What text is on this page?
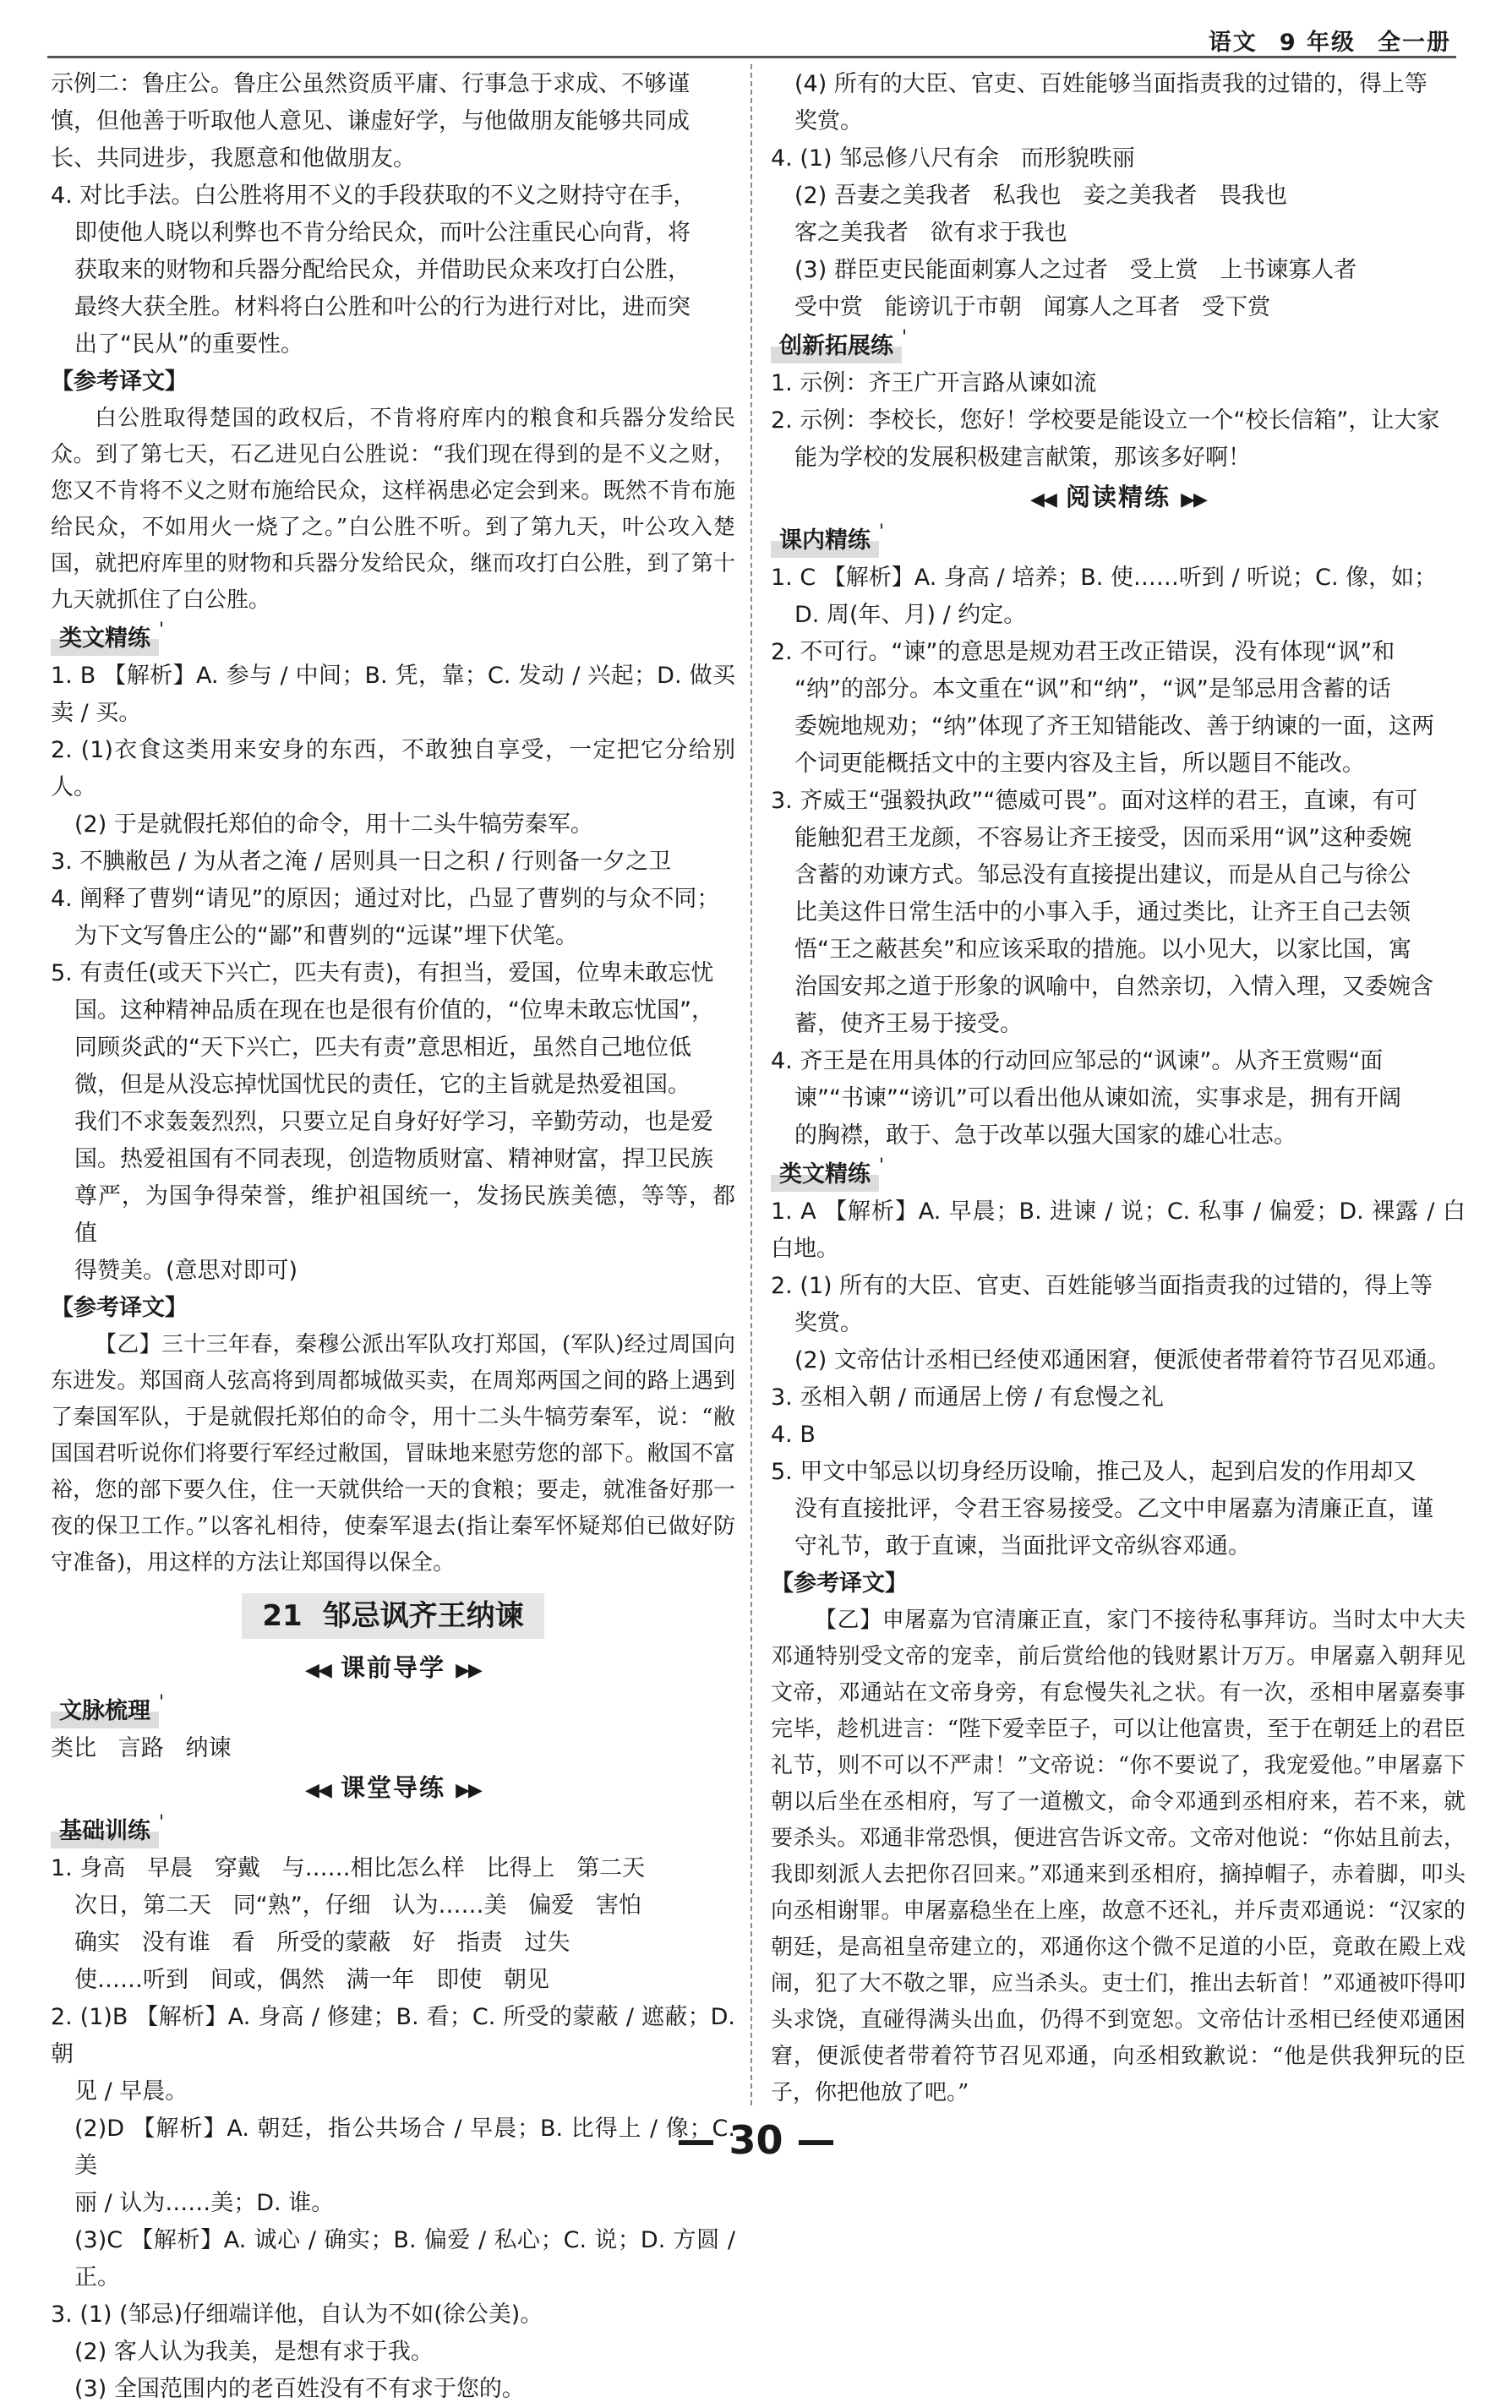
语文 9 年级 全一册

示例二：鲁庄公。鲁庄公虽然资质平庸、行事急于求成、不够谨

慎，但他善于听取他人意见、谦虚好学，与他做朋友能够共同成

长、共同进步，我愿意和他做朋友。

4. 对比手法。白公胜将用不义的手段获取的不义之财持守在手，

即使他人晓以利弊也不肯分给民众，而叶公注重民心向背，将

获取来的财物和兵器分配给民众，并借助民众来攻打白公胜，

最终大获全胜。材料将白公胜和叶公的行为进行对比，进而突

出了“民从”的重要性。

【参考译文】

白公胜取得楚国的政权后，不肯将府库内的粮食和兵器分发给民众。到了第七天，石乙进见白公胜说：“我们现在得到的是不义之财，您又不肯将不义之财布施给民众，这样祸患必定会到来。既然不肯布施给民众，不如用火一烧了之。”白公胜不听。到了第九天，叶公攻入楚国，就把府库里的财物和兵器分发给民众，继而攻打白公胜，到了第十九天就抓住了白公胜。

类文精练 '

1. B 【解析】A. 参与 / 中间；B. 凭，靠；C. 发动 / 兴起；D. 做买卖 / 买。

2. (1)衣食这类用来安身的东西，不敢独自享受，一定把它分给别人。

(2) 于是就假托郑伯的命令，用十二头牛犒劳秦军。

3. 不腆敝邑 / 为从者之淹 / 居则具一日之积 / 行则备一夕之卫

4. 阐释了曹刿“请见”的原因；通过对比，凸显了曹刿的与众不同；

为下文写鲁庄公的“鄙”和曹刿的“远谋”埋下伏笔。

5. 有责任(或天下兴亡，匹夫有责)，有担当，爱国，位卑未敢忘忧

国。这种精神品质在现在也是很有价值的，“位卑未敢忘忧国”，

同顾炎武的“天下兴亡，匹夫有责”意思相近，虽然自己地位低

微，但是从没忘掉忧国忧民的责任，它的主旨就是热爱祖国。

我们不求轰轰烈烈，只要立足自身好好学习，辛勤劳动，也是爱

国。热爱祖国有不同表现，创造物质财富、精神财富，捍卫民族

尊严，为国争得荣誉，维护祖国统一，发扬民族美德，等等，都值

得赞美。(意思对即可)

【参考译文】

【乙】三十三年春，秦穆公派出军队攻打郑国，(军队)经过周国向东进发。郑国商人弦高将到周都城做买卖，在周郑两国之间的路上遇到了秦国军队，于是就假托郑伯的命令，用十二头牛犒劳秦军，说：“敝国国君听说你们将要行军经过敝国，冒昧地来慰劳您的部下。敝国不富裕，您的部下要久住，住一天就供给一天的食粮；要走，就准备好那一夜的保卫工作。”以客礼相待，使秦军退去(指让秦军怀疑郑伯已做好防守准备)，用这样的方法让郑国得以保全。

21 邹忌讽齐王纳谏
◀◀ 课前导学 ▶▶
文脉梳理 '

类比   言路   纳谏

◀◀ 课堂导练 ▶▶
基础训练 '

1. 身高   早晨   穿戴   与……相比怎么样   比得上   第二天

次日，第二天   同“熟”，仔细   认为……美   偏爱   害怕

确实   没有谁   看   所受的蒙蔽   好   指责   过失

使……听到   间或，偶然   满一年   即使   朝见

2. (1)B 【解析】A. 身高 / 修建；B. 看；C. 所受的蒙蔽 / 遮蔽；D. 朝

见 / 早晨。

(2)D 【解析】A. 朝廷，指公共场合 / 早晨；B. 比得上 / 像；C. 美

丽 / 认为……美；D. 谁。

(3)C 【解析】A. 诚心 / 确实；B. 偏爱 / 私心；C. 说；D. 方圆 / 正。

3. (1) (邹忌)仔细端详他，自认为不如(徐公美)。

(2) 客人认为我美，是想有求于我。

(3) 全国范围内的老百姓没有不有求于您的。

(4) 所有的大臣、官吏、百姓能够当面指责我的过错的，得上等

奖赏。

4. (1) 邹忌修八尺有余   而形貌昳丽

(2) 吾妻之美我者   私我也   妾之美我者   畏我也

客之美我者   欲有求于我也

(3) 群臣吏民能面刺寡人之过者   受上赏   上书谏寡人者

受中赏   能谤讥于市朝   闻寡人之耳者   受下赏

创新拓展练 '

1. 示例：齐王广开言路从谏如流

2. 示例：李校长，您好！学校要是能设立一个“校长信箱”，让大家

能为学校的发展积极建言献策，那该多好啊！

◀◀ 阅读精练 ▶▶
课内精练 '

1. C 【解析】A. 身高 / 培养；B. 使……听到 / 听说；C. 像，如；

D. 周(年、月) / 约定。

2. 不可行。“谏”的意思是规劝君王改正错误，没有体现“讽”和

“纳”的部分。本文重在“讽”和“纳”，“讽”是邹忌用含蓄的话

委婉地规劝；“纳”体现了齐王知错能改、善于纳谏的一面，这两

个词更能概括文中的主要内容及主旨，所以题目不能改。

3. 齐威王“强毅执政”“德威可畏”。面对这样的君王，直谏，有可

能触犯君王龙颜，不容易让齐王接受，因而采用“讽”这种委婉

含蓄的劝谏方式。邹忌没有直接提出建议，而是从自己与徐公

比美这件日常生活中的小事入手，通过类比，让齐王自己去领

悟“王之蔽甚矣”和应该采取的措施。以小见大，以家比国，寓

治国安邦之道于形象的讽喻中，自然亲切，入情入理，又委婉含

蓄，使齐王易于接受。

4. 齐王是在用具体的行动回应邹忌的“讽谏”。从齐王赏赐“面

谏”“书谏”“谤讥”可以看出他从谏如流，实事求是，拥有开阔

的胸襟，敢于、急于改革以强大国家的雄心壮志。

类文精练 '

1. A 【解析】A. 早晨；B. 进谏 / 说；C. 私事 / 偏爱；D. 裸露 / 白白地。

2. (1) 所有的大臣、官吏、百姓能够当面指责我的过错的，得上等

奖赏。

(2) 文帝估计丞相已经使邓通困窘，便派使者带着符节召见邓通。

3. 丞相入朝 / 而通居上傍 / 有怠慢之礼

4. B

5. 甲文中邹忌以切身经历设喻，推己及人，起到启发的作用却又

没有直接批评，令君王容易接受。乙文中申屠嘉为清廉正直，谨

守礼节，敢于直谏，当面批评文帝纵容邓通。

【参考译文】

【乙】申屠嘉为官清廉正直，家门不接待私事拜访。当时太中大夫邓通特别受文帝的宠幸，前后赏给他的钱财累计万万。申屠嘉入朝拜见文帝，邓通站在文帝身旁，有怠慢失礼之状。有一次，丞相申屠嘉奏事完毕，趁机进言：“陛下爱幸臣子，可以让他富贵，至于在朝廷上的君臣礼节，则不可以不严肃！”文帝说：“你不要说了，我宠爱他。”申屠嘉下朝以后坐在丞相府，写了一道檄文，命令邓通到丞相府来，若不来，就要杀头。邓通非常恐惧，便进宫告诉文帝。文帝对他说：“你姑且前去，我即刻派人去把你召回来。”邓通来到丞相府，摘掉帽子，赤着脚，叩头向丞相谢罪。申屠嘉稳坐在上座，故意不还礼，并斥责邓通说：“汉家的朝廷，是高祖皇帝建立的，邓通你这个微不足道的小臣，竟敢在殿上戏闹，犯了大不敬之罪，应当杀头。吏士们，推出去斩首！”邓通被吓得叩头求饶，直碰得满头出血，仍得不到宽恕。文帝估计丞相已经使邓通困窘，便派使者带着符节召见邓通，向丞相致歉说：“他是供我狎玩的臣子，你把他放了吧。”

— 30 —
